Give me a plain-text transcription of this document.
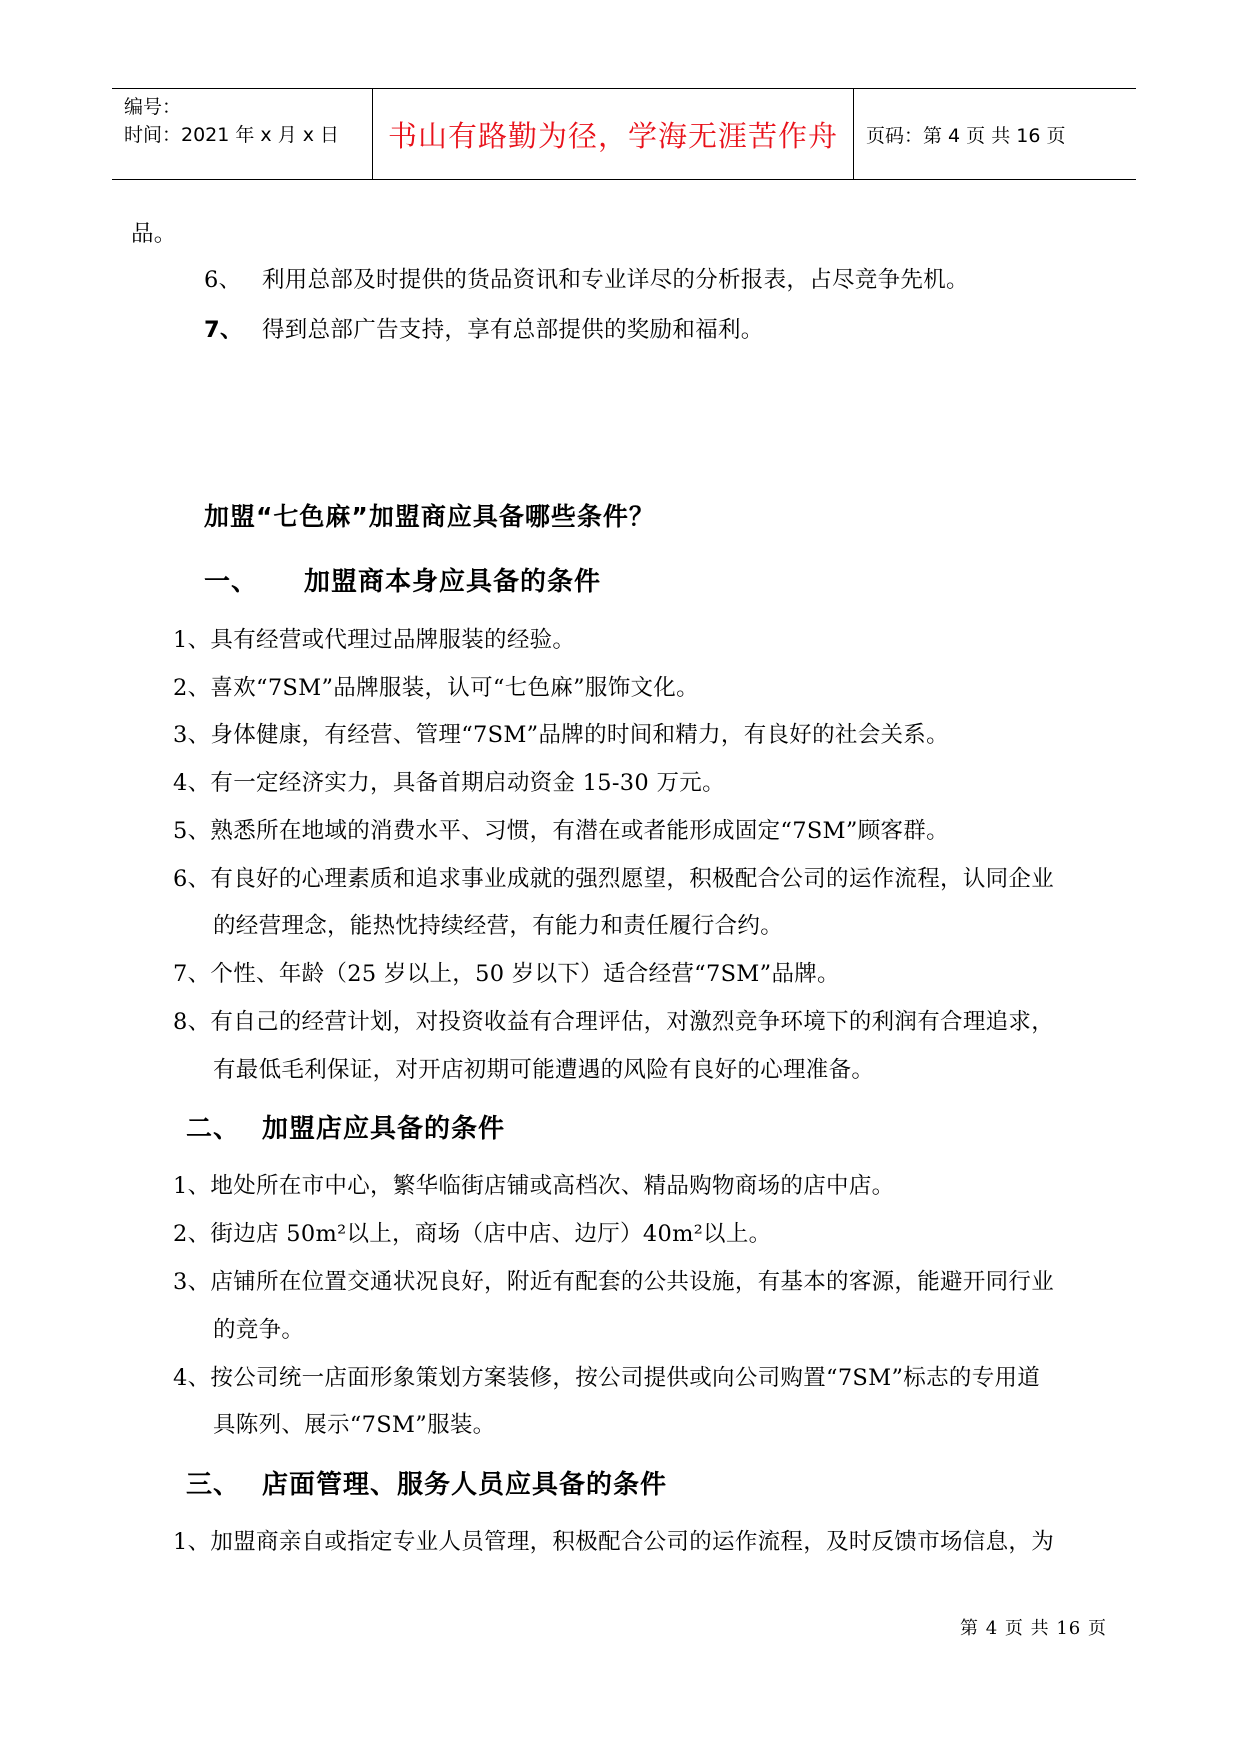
编号：
时间：2021 年 x 月 x 日	书山有路勤为径，学海无涯苦作舟	页码：第 4 页 共 16 页
品。
6、 利用总部及时提供的货品资讯和专业详尽的分析报表，占尽竞争先机。
7、 得到总部广告支持，享有总部提供的奖励和福利。
加盟“七色麻”加盟商应具备哪些条件？
一、 加盟商本身应具备的条件
1、具有经营或代理过品牌服装的经验。
2、喜欢“7SM”品牌服装，认可“七色麻”服饰文化。
3、身体健康，有经营、管理“7SM”品牌的时间和精力，有良好的社会关系。
4、有一定经济实力，具备首期启动资金 15-30 万元。
5、熟悉所在地域的消费水平、习惯，有潜在或者能形成固定“7SM”顾客群。
6、有良好的心理素质和追求事业成就的强烈愿望，积极配合公司的运作流程，认同企业
的经营理念，能热忱持续经营，有能力和责任履行合约。
7、个性、年龄（25 岁以上，50 岁以下）适合经营“7SM”品牌。
8、有自己的经营计划，对投资收益有合理评估，对激烈竞争环境下的利润有合理追求，
有最低毛利保证，对开店初期可能遭遇的风险有良好的心理准备。
二、 加盟店应具备的条件
1、地处所在市中心，繁华临街店铺或高档次、精品购物商场的店中店。
2、街边店 50m²以上，商场（店中店、边厅）40m²以上。
3、店铺所在位置交通状况良好，附近有配套的公共设施，有基本的客源，能避开同行业
的竞争。
4、按公司统一店面形象策划方案装修，按公司提供或向公司购置“7SM”标志的专用道
具陈列、展示“7SM”服装。
三、 店面管理、服务人员应具备的条件
1、加盟商亲自或指定专业人员管理，积极配合公司的运作流程，及时反馈市场信息，为
第 4 页 共 16 页
